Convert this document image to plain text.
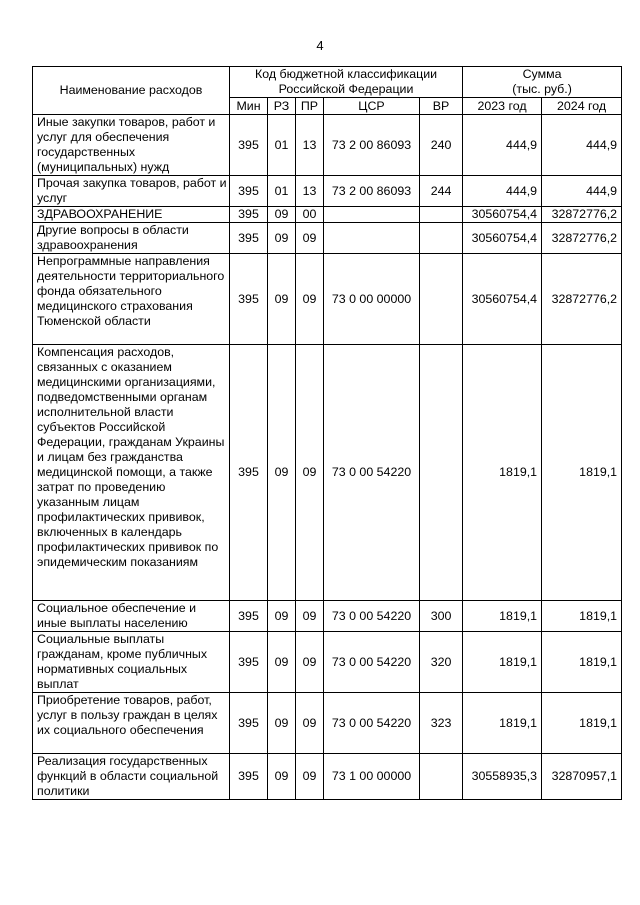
4
Наименование расходов	Код бюджетной классификации Российской Федерации					Сумма
(тыс. руб.)	
	Мин	РЗ	ПР	ЦСР	ВР	2023 год	2024 год
Иные закупки товаров, работ и услуг для обеспечения государственных (муниципальных) нужд	395	01	13	73 2 00 86093	240	444,9	444,9
Прочая закупка товаров, работ и услуг	395	01	13	73 2 00 86093	244	444,9	444,9
ЗДРАВООХРАНЕНИЕ	395	09	00			30560754,4	32872776,2
Другие вопросы в области здравоохранения	395	09	09			30560754,4	32872776,2
Непрограммные направления деятельности территориального фонда обязательного медицинского страхования Тюменской области	395	09	09	73 0 00 00000		30560754,4	32872776,2
Компенсация расходов, связанных с оказанием медицинскими организациями, подведомственными органам исполнительной власти субъектов Российской Федерации, гражданам Украины и лицам без гражданства медицинской помощи, а также затрат по проведению указанным лицам профилактических прививок, включенных в календарь профилактических прививок по эпидемическим показаниям	395	09	09	73 0 00 54220		1819,1	1819,1
Социальное обеспечение и иные выплаты населению	395	09	09	73 0 00 54220	300	1819,1	1819,1
Социальные выплаты гражданам, кроме публичных нормативных социальных выплат	395	09	09	73 0 00 54220	320	1819,1	1819,1
Приобретение товаров, работ, услуг в пользу граждан в целях их социального обеспечения	395	09	09	73 0 00 54220	323	1819,1	1819,1
Реализация государственных функций в области социальной политики	395	09	09	73 1 00 00000		30558935,3	32870957,1
